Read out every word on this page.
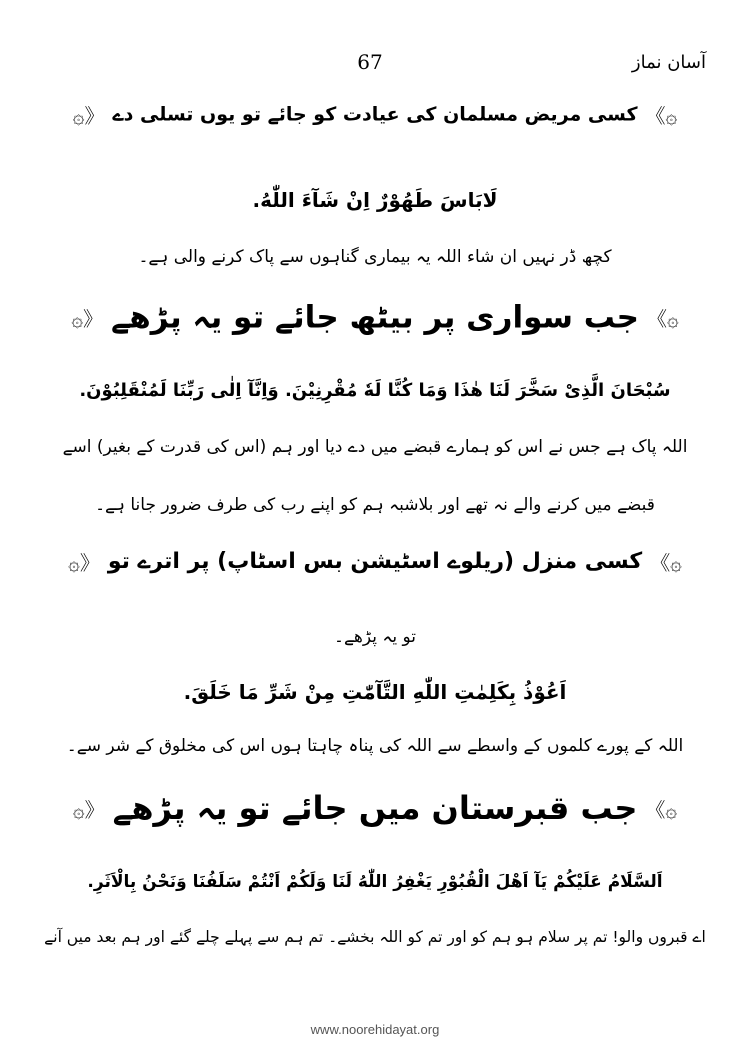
آسان نماز
67
۞》کسی مریض مسلمان کی عیادت کو جائے تو یوں تسلی دے《۞
لَابَاسَ طَهُوْرٌ اِنْ شَآءَ اللّٰهُ.
کچھ ڈر نہیں ان شاء اللہ یہ بیماری گناہوں سے پاک کرنے والی ہے۔
۞》جب سواری پر بیٹھ جائے تو یہ پڑھے《۞
سُبْحَانَ الَّذِیْ سَخَّرَ لَنَا هٰذَا وَمَا كُنَّا لَهٗ مُقْرِنِیْنَ. وَاِنَّآ اِلٰى رَبِّنَا لَمُنْقَلِبُوْنَ.
اللہ پاک ہے جس نے اس کو ہمارے قبضے میں دے دیا اور ہم (اس کی قدرت کے بغیر) اسے
قبضے میں کرنے والے نہ تھے اور بلاشبہ ہم کو اپنے رب کی طرف ضرور جانا ہے۔
۞》کسی منزل (ریلوے اسٹیشن بس اسٹاپ) پر اترے تو《۞
تو یہ پڑھے۔
اَعُوْذُ بِكَلِمٰتِ اللّٰهِ التَّآمّٰتِ مِنْ شَرِّ مَا خَلَقَ.
اللہ کے پورے کلموں کے واسطے سے اللہ کی پناہ چاہتا ہوں اس کی مخلوق کے شر سے۔
۞》جب قبرستان میں جائے تو یہ پڑھے《۞
اَلسَّلَامُ عَلَيْكُمْ يَآ اَهْلَ الْقُبُوْرِ يَغْفِرُ اللّٰهُ لَنَا وَلَكُمْ اَنْتُمْ سَلَفُنَا وَنَحْنُ بِالْاَثَرِ.
اے قبروں والو! تم پر سلام ہو ہم کو اور تم کو اللہ بخشے۔ تم ہم سے پہلے چلے گئے اور ہم بعد میں آنے
www.noorehidayat.org
